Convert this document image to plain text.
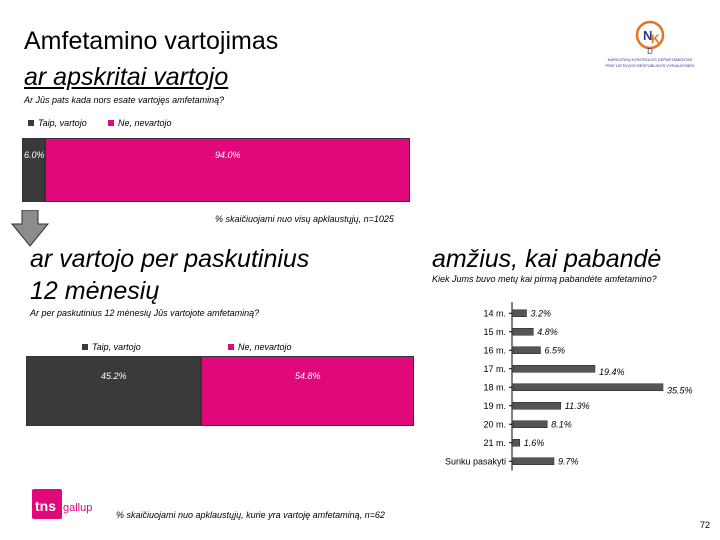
Amfetamino vartojimas
ar apskritai vartojo
Ar Jūs pats kada nors esate vartojęs amfetaminą?
N
K
D
NARKOTIKŲ KONTROLĖS DEPARTAMENTAS
PRIE LIETUVOS RESPUBLIKOS VYRIAUSYBĖS
Taip, vartojo	Ne, nevartojo
6.0%	94.0%
% skaičiuojami nuo visų apklaustųjų, n=1025
ar vartojo per paskutinius
12 mėnesių
Ar per paskutinius 12 mėnesių Jūs vartojote amfetaminą?
Taip, vartojo	Ne, nevartojo
45.2%	54.8%
amžius, kai pabandė
Kiek Jums buvo metų kai pirmą pabandėte amfetamino?
14 m.	3.2%
15 m.	4.8%
16 m.	6.5%
17 m.	19.4%
18 m.	35.5%
19 m.	11.3%
20 m.	8.1%
21 m. 1.6%
Sunku pasakyti	9.7%
tns gallup
% skaičiuojami nuo apklaustųjų, kurie yra vartoję amfetaminą, n=62
72
